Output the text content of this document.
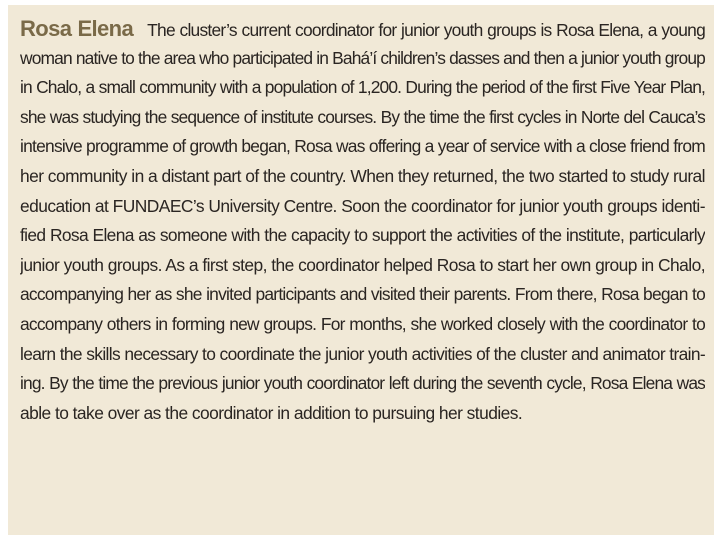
Rosa Elena The cluster’s current coordinator for junior youth groups is Rosa Elena, a young
woman native to the area who participated in Bahá’í children’s dasses and then a junior youth group
in Chalo, a small community with a population of 1,200. During the period of the first Five Year Plan,
she was studying the sequence of institute courses. By the time the first cycles in Norte del Cauca’s
intensive programme of growth began, Rosa was offering a year of service with a close friend from
her community in a distant part of the country. When they returned, the two started to study rural
education at FUNDAEC’s University Centre. Soon the coordinator for junior youth groups identi-
fied Rosa Elena as someone with the capacity to support the activities of the institute, particularly
junior youth groups. As a first step, the coordinator helped Rosa to start her own group in Chalo,
accompanying her as she invited participants and visited their parents. From there, Rosa began to
accompany others in forming new groups. For months, she worked closely with the coordinator to
learn the skills necessary to coordinate the junior youth activities of the cluster and animator train-
ing. By the time the previous junior youth coordinator left during the seventh cycle, Rosa Elena was
able to take over as the coordinator in addition to pursuing her studies.
